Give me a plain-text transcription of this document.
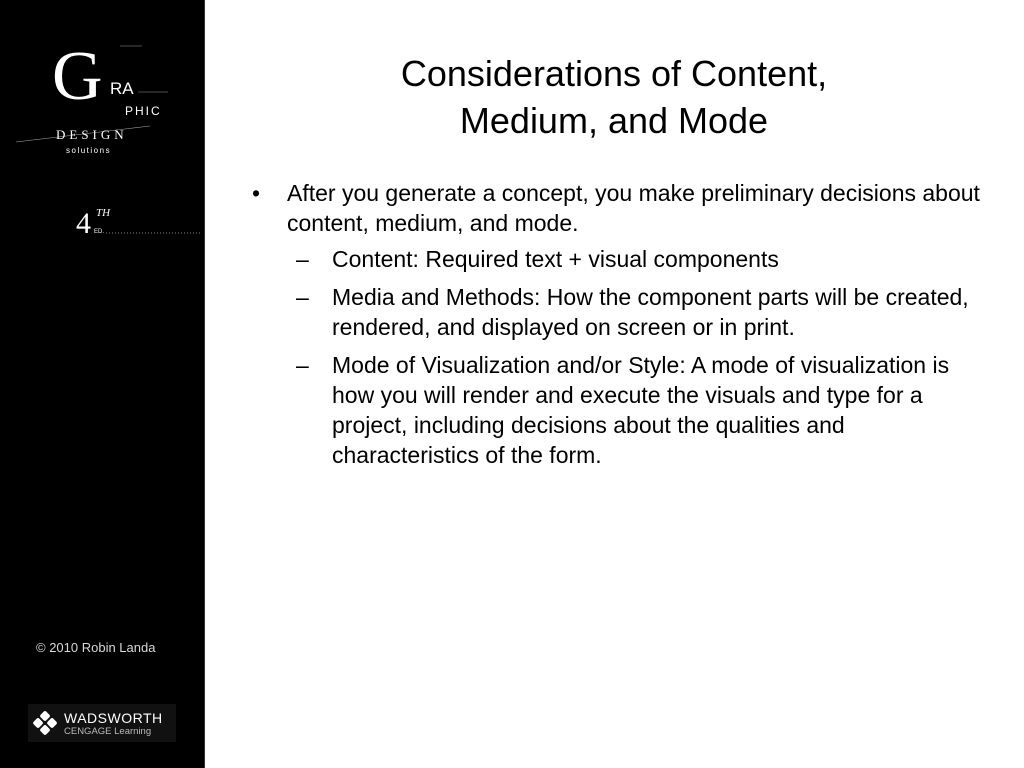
G RA
PHIC
DESIGN
solutions
4 TH
ED.
© 2010 Robin Landa
WADSWORTH
CENGAGE Learning
Considerations of Content,
Medium, and Mode
• After you generate a concept, you make preliminary decisions about content, medium, and mode.
– Content: Required text + visual components
– Media and Methods: How the component parts will be created, rendered, and displayed on screen or in print.
– Mode of Visualization and/or Style: A mode of visualization is how you will render and execute the visuals and type for a project, including decisions about the qualities and characteristics of the form.
